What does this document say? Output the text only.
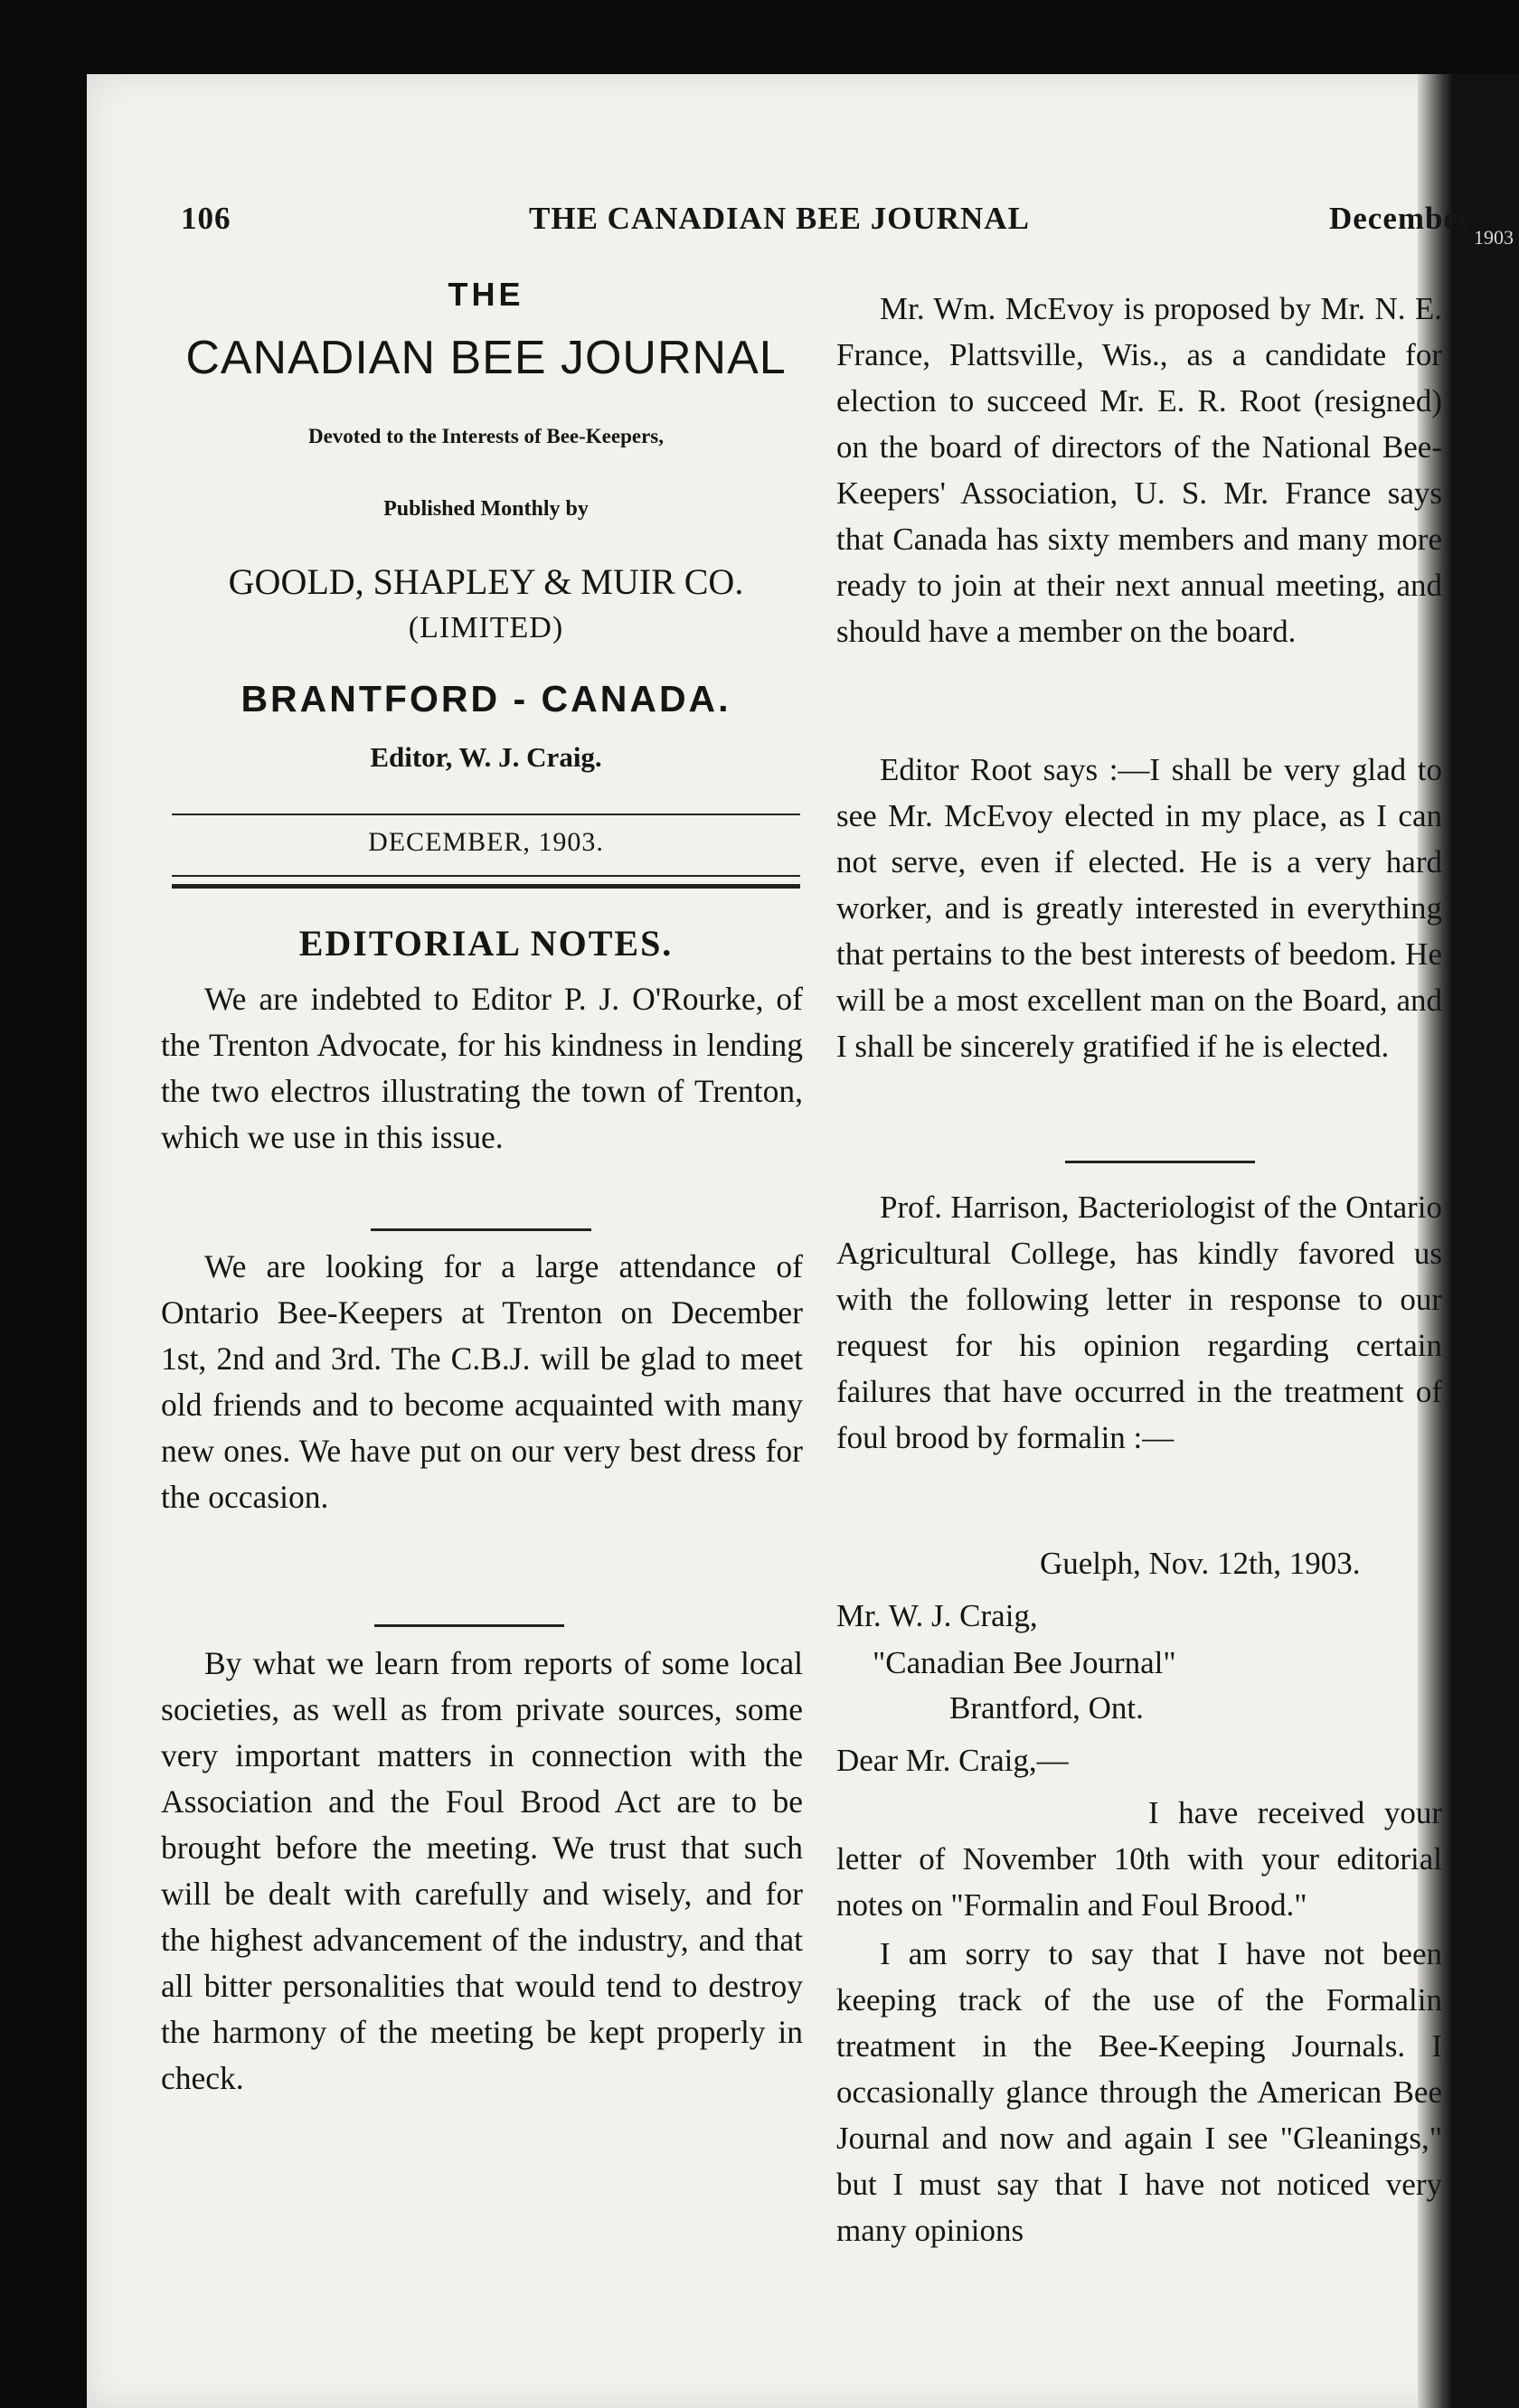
106	THE CANADIAN BEE JOURNAL	December
1903
THE
CANADIAN BEE JOURNAL
Devoted to the Interests of Bee-Keepers,
Published Monthly by
GOOLD, SHAPLEY & MUIR CO.
(LIMITED)
BRANTFORD - CANADA.
Editor, W. J. Craig.
DECEMBER, 1903.
EDITORIAL NOTES.
We are indebted to Editor P. J. O'Rourke, of the Trenton Advocate, for his kindness in lending the two electros illustrating the town of Trenton, which we use in this issue.
We are looking for a large attendance of Ontario Bee-Keepers at Trenton on December 1st, 2nd and 3rd. The C.B.J. will be glad to meet old friends and to become acquainted with many new ones. We have put on our very best dress for the occasion.
By what we learn from reports of some local societies, as well as from private sources, some very important matters in connection with the Association and the Foul Brood Act are to be brought before the meeting. We trust that such will be dealt with carefully and wisely, and for the highest advancement of the industry, and that all bitter personalities that would tend to destroy the harmony of the meeting be kept properly in check.
Mr. Wm. McEvoy is proposed by Mr. N. E. France, Plattsville, Wis., as a candidate for election to succeed Mr. E. R. Root (resigned) on the board of directors of the National Bee-Keepers' Association, U. S. Mr. France says that Canada has sixty members and many more ready to join at their next annual meeting, and should have a member on the board.
Editor Root says :—I shall be very glad to see Mr. McEvoy elected in my place, as I can not serve, even if elected. He is a very hard worker, and is greatly interested in everything that pertains to the best interests of beedom. He will be a most excellent man on the Board, and I shall be sincerely gratified if he is elected.
Prof. Harrison, Bacteriologist of the Ontario Agricultural College, has kindly favored us with the following letter in response to our request for his opinion regarding certain failures that have occurred in the treatment of foul brood by formalin :—
Guelph, Nov. 12th, 1903.
Mr. W. J. Craig,
"Canadian Bee Journal"
Brantford, Ont.
Dear Mr. Craig,—
I have received your letter of November 10th with your editorial notes on "Formalin and Foul Brood."
I am sorry to say that I have not been keeping track of the use of the Formalin treatment in the Bee-Keeping Journals. I occasionally glance through the American Bee Journal and now and again I see "Gleanings," but I must say that I have not noticed very many opinions
